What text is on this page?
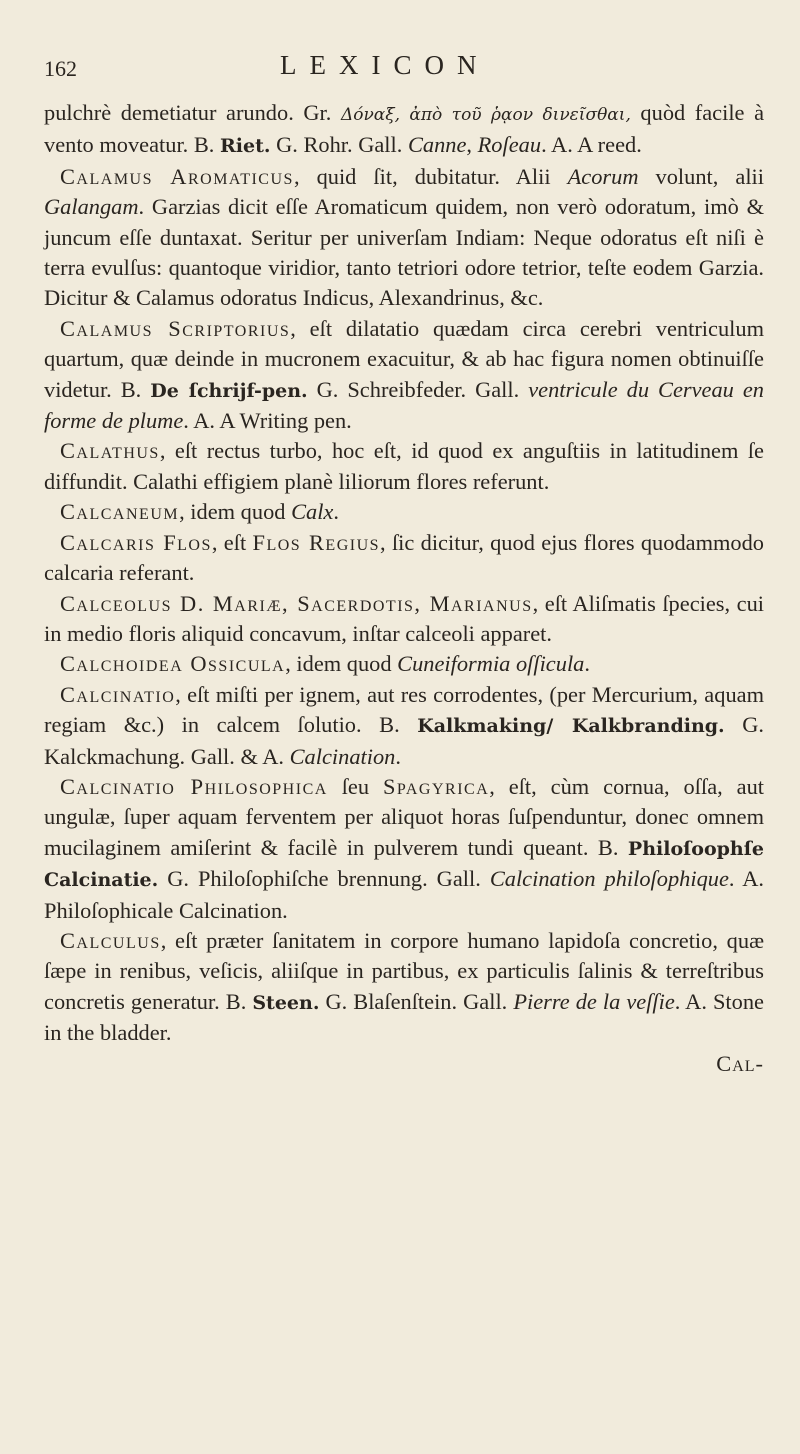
162	LEXICON

pulchrè demetiatur arundo. Gr. Δόναξ, ἀπὸ τοῦ ῥᾳον δινεῖσθαι, quòd facile à vento moveatur. B. Riet. G. Rohr. Gall. Canne, Roſeau. A. A reed.

Calamus Aromaticus, quid ſit, dubitatur. Alii Acorum volunt, alii Galangam. Garzias dicit eſſe Aromaticum quidem, non verò odoratum, imò & juncum eſſe duntaxat. Seritur per univerſam Indiam: Neque odoratus eſt niſi è terra evulſus: quantoque viridior, tanto tetriori odore tetrior, teſte eodem Garzia. Dicitur & Calamus odoratus Indicus, Alexandrinus, &c.

Calamus Scriptorius, eſt dilatatio quædam circa cerebri ventriculum quartum, quæ deinde in mucronem exacuitur, & ab hac figura nomen obtinuiſſe videtur. B. De ſchrijf-pen. G. Schreibfeder. Gall. ventricule du Cerveau en forme de plume. A. A Writing pen.

Calathus, eſt rectus turbo, hoc eſt, id quod ex anguſtiis in latitudinem ſe diffundit. Calathi effigiem planè liliorum flores referunt.

Calcaneum, idem quod Calx.

Calcaris Flos, eſt Flos Regius, ſic dicitur, quod ejus flores quodammodo calcaria referant.

Calceolus D. Mariæ, Sacerdotis, Marianus, eſt Aliſmatis ſpecies, cui in medio floris aliquid concavum, inſtar calceoli apparet.

Calchoidea Ossicula, idem quod Cuneiformia oſſicula.

Calcinatio, eſt miſti per ignem, aut res corrodentes, (per Mercurium, aquam regiam &c.) in calcem ſolutio. B. Kalkmaking/ Kalkbranding. G. Kalckmachung. Gall. & A. Calcination.

Calcinatio Philosophica ſeu Spagyrica, eſt, cùm cornua, oſſa, aut ungulæ, ſuper aquam ferventem per aliquot horas ſuſpenduntur, donec omnem mucilaginem amiſerint & facilè in pulverem tundi queant. B. Philoſoophſe Calcinatie. G. Philoſophiſche brennung. Gall. Calcination philoſophique. A. Philoſophicale Calcination.

Calculus, eſt præter ſanitatem in corpore humano lapidoſa concretio, quæ ſæpe in renibus, veſicis, aliiſque in partibus, ex particulis ſalinis & terreſtribus concretis generatur. B. Steen. G. Blaſenſtein. Gall. Pierre de la veſſie. A. Stone in the bladder.

Cal-
